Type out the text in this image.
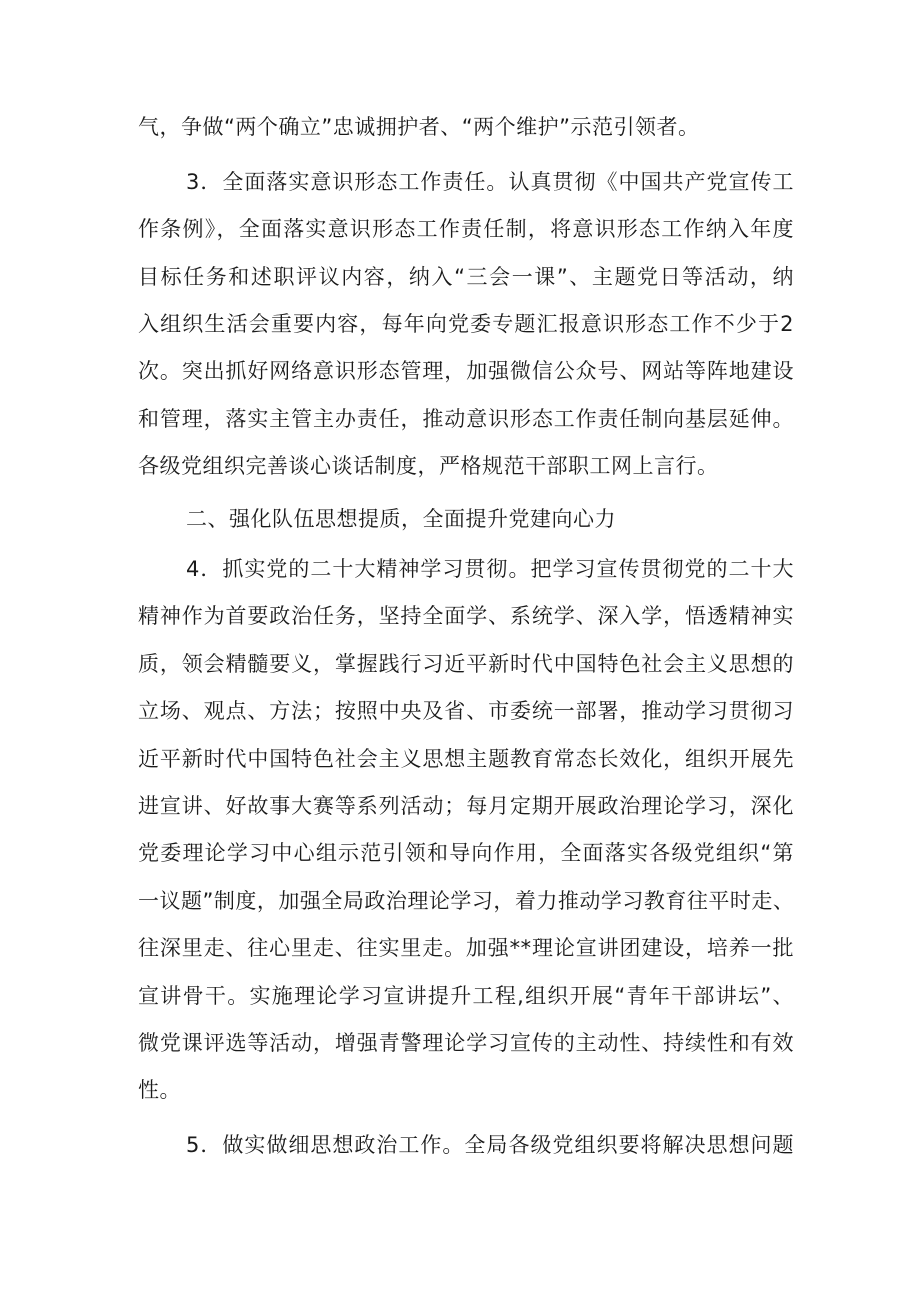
气，争做“两个确立”忠诚拥护者、“两个维护”示范引领者。
3．全面落实意识形态工作责任。认真贯彻《中国共产党宣传工
作条例》，全面落实意识形态工作责任制，将意识形态工作纳入年度
目标任务和述职评议内容，纳入“三会一课”、主题党日等活动，纳
入组织生活会重要内容，每年向党委专题汇报意识形态工作不少于2
次。突出抓好网络意识形态管理，加强微信公众号、网站等阵地建设
和管理，落实主管主办责任，推动意识形态工作责任制向基层延伸。
各级党组织完善谈心谈话制度，严格规范干部职工网上言行。
二、强化队伍思想提质，全面提升党建向心力
4．抓实党的二十大精神学习贯彻。把学习宣传贯彻党的二十大
精神作为首要政治任务，坚持全面学、系统学、深入学，悟透精神实
质，领会精髓要义，掌握践行习近平新时代中国特色社会主义思想的
立场、观点、方法；按照中央及省、市委统一部署，推动学习贯彻习
近平新时代中国特色社会主义思想主题教育常态长效化，组织开展先
进宣讲、好故事大赛等系列活动；每月定期开展政治理论学习，深化
党委理论学习中心组示范引领和导向作用，全面落实各级党组织“第
一议题”制度，加强全局政治理论学习，着力推动学习教育往平时走、
往深里走、往心里走、往实里走。加强**理论宣讲团建设，培养一批
宣讲骨干。实施理论学习宣讲提升工程,组织开展“青年干部讲坛”、
微党课评选等活动，增强青警理论学习宣传的主动性、持续性和有效
性。
5．做实做细思想政治工作。全局各级党组织要将解决思想问题
